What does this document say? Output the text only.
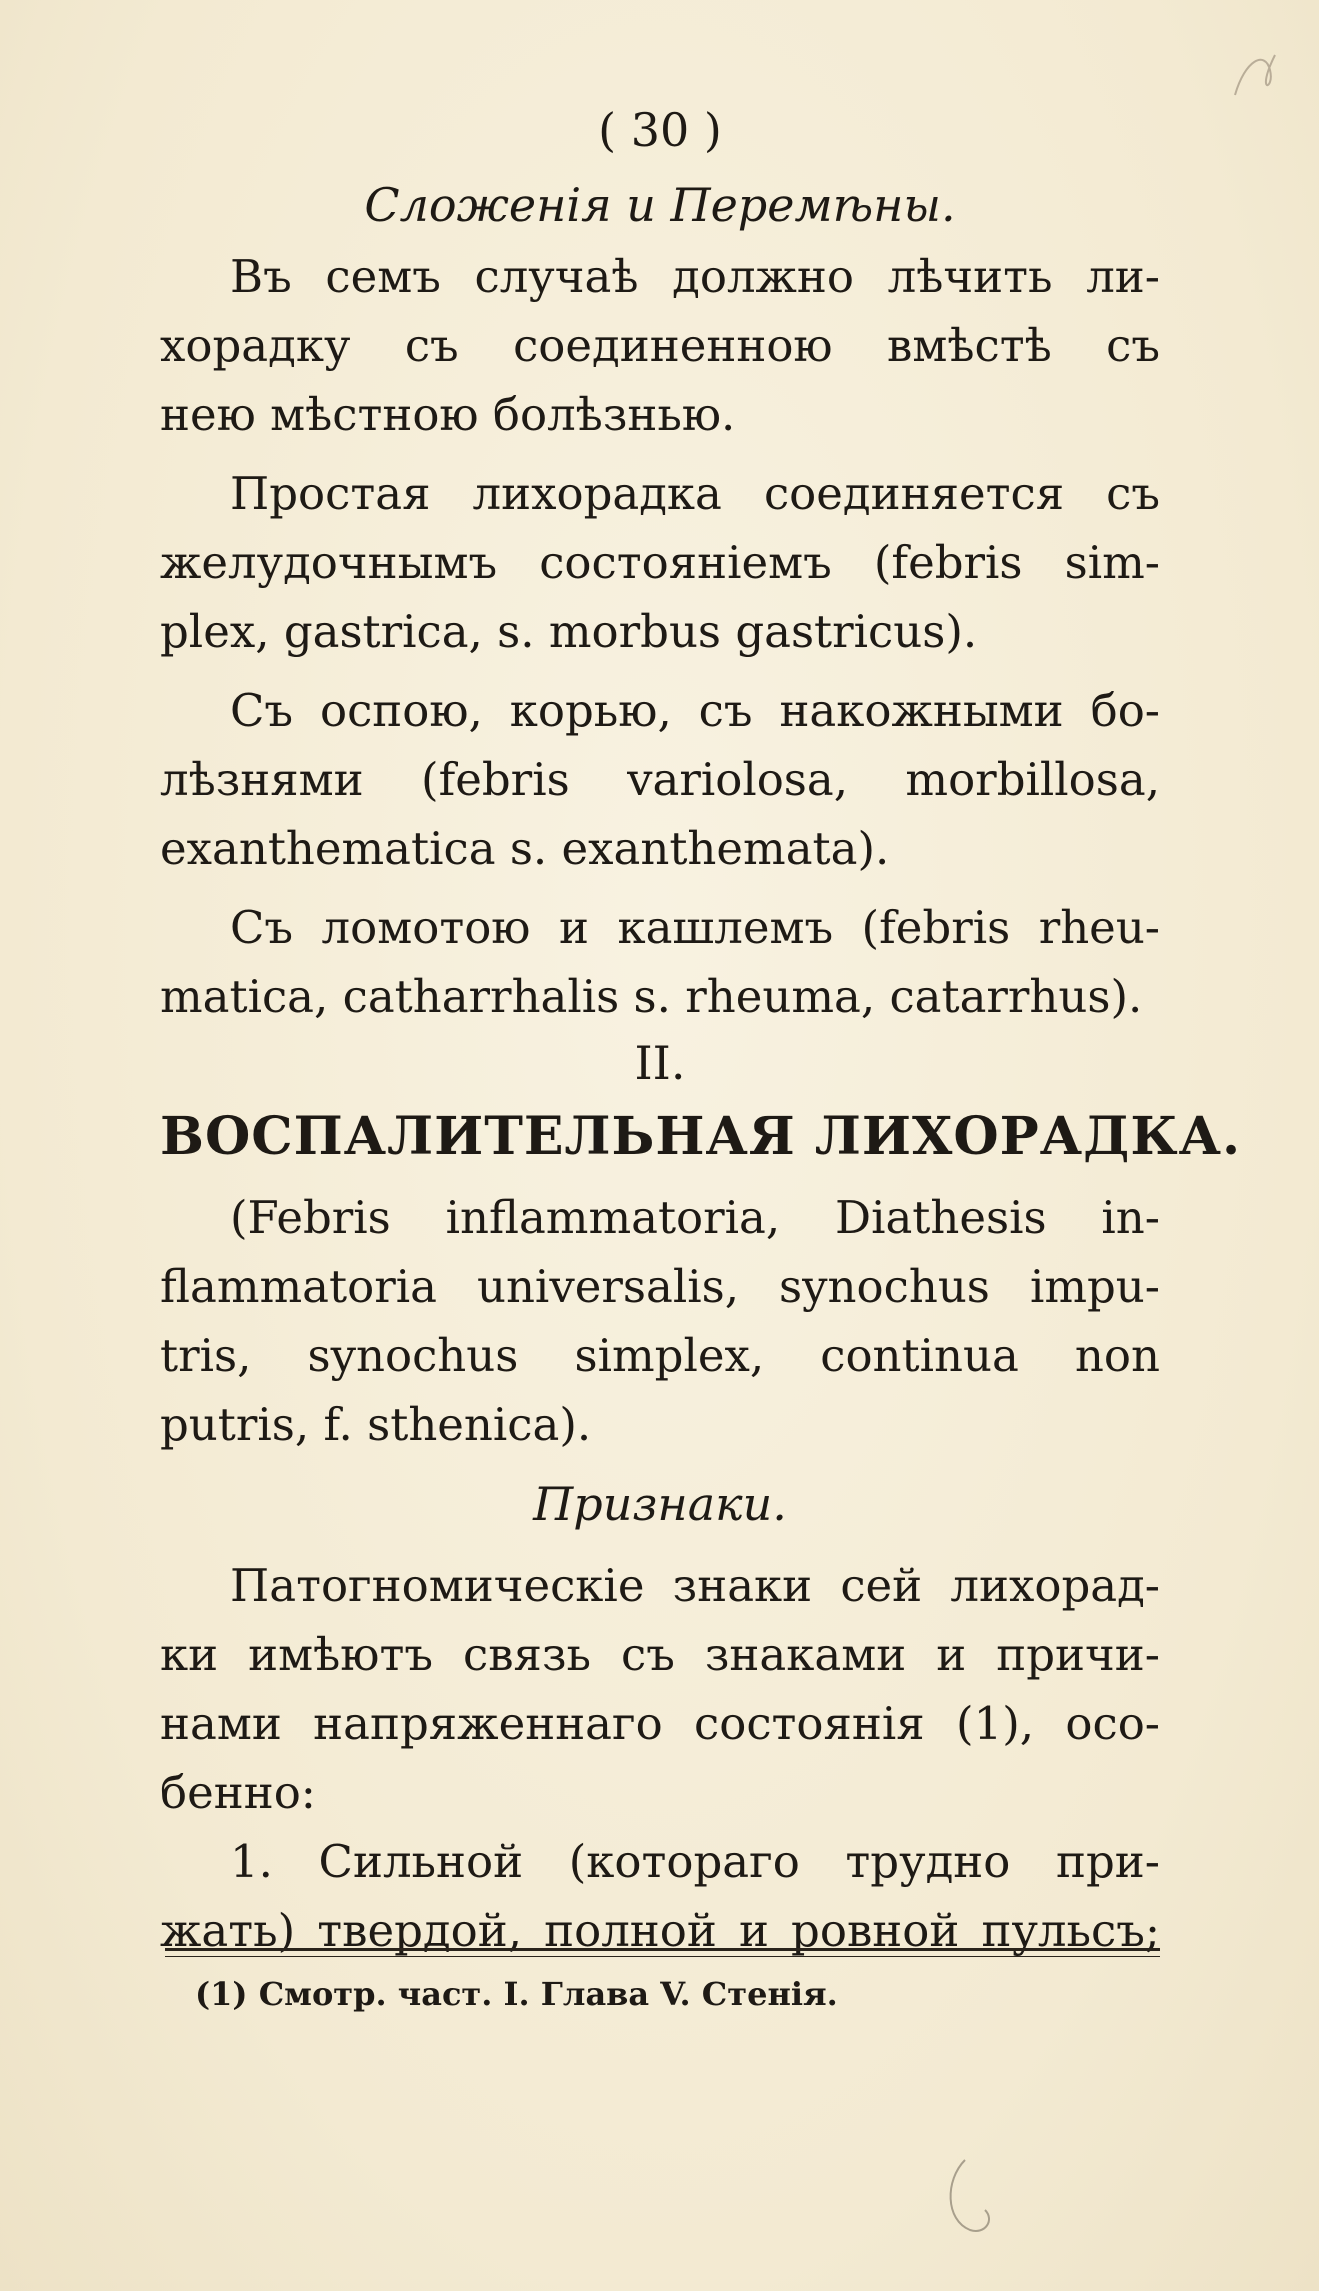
( 30 )
Сложенія и Перемѣны.

Въ семъ случаѣ должно лѣчить ли-
хорадку съ соединенною вмѣстѣ съ
нею мѣстною болѣзнью.

Простая лихорадка соединяется съ
желудочнымъ состояніемъ (febris sim-
plex, gastrica, s. morbus gastricus).

Съ оспою, корью, съ накожными бо-
лѣзнями (febris variolosa, morbillosa,
exanthematica s. exanthemata).

Съ ломотою и кашлемъ (febris rheu-
matica, catharrhalis s. rheuma, catarrhus).

II.
ВОСПАЛИТЕЛЬНАЯ ЛИХОРАДКА.

(Febris inflammatoria, Diathesis in-
flammatoria universalis, synochus impu-
tris, synochus simplex, continua non
putris, f. sthenica).

Признаки.

Патогномическіе знаки сей лихорад-
ки имѣютъ связь съ знаками и причи-
нами напряженнаго состоянія (1), осо-
бенно:

1. Сильной (котораго трудно при-
жать) твердой, полной и ровной пульсъ;

(1) Смотр. част. I. Глава V. Стенія.
